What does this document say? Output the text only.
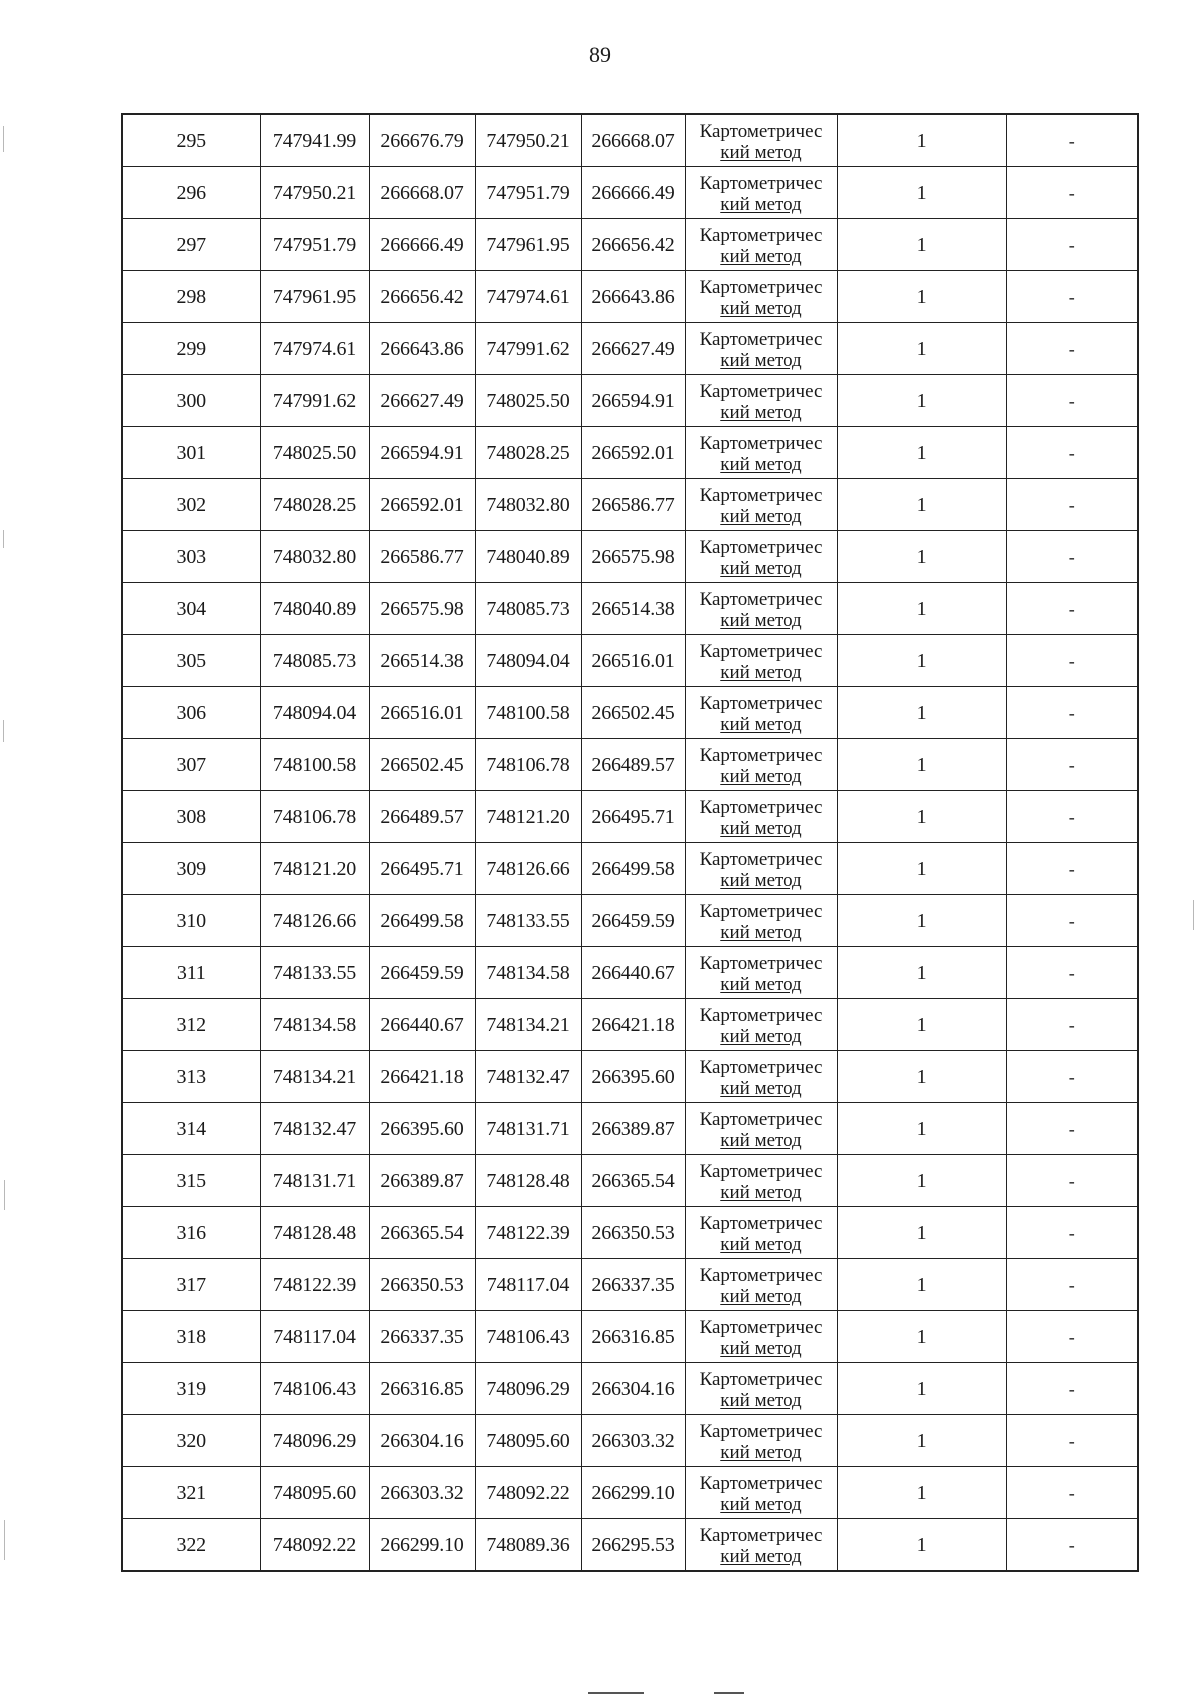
89
295	747941.99	266676.79	747950.21	266668.07	Картометричес
кий метод	1	-
296	747950.21	266668.07	747951.79	266666.49	Картометричес
кий метод	1	-
297	747951.79	266666.49	747961.95	266656.42	Картометричес
кий метод	1	-
298	747961.95	266656.42	747974.61	266643.86	Картометричес
кий метод	1	-
299	747974.61	266643.86	747991.62	266627.49	Картометричес
кий метод	1	-
300	747991.62	266627.49	748025.50	266594.91	Картометричес
кий метод	1	-
301	748025.50	266594.91	748028.25	266592.01	Картометричес
кий метод	1	-
302	748028.25	266592.01	748032.80	266586.77	Картометричес
кий метод	1	-
303	748032.80	266586.77	748040.89	266575.98	Картометричес
кий метод	1	-
304	748040.89	266575.98	748085.73	266514.38	Картометричес
кий метод	1	-
305	748085.73	266514.38	748094.04	266516.01	Картометричес
кий метод	1	-
306	748094.04	266516.01	748100.58	266502.45	Картометричес
кий метод	1	-
307	748100.58	266502.45	748106.78	266489.57	Картометричес
кий метод	1	-
308	748106.78	266489.57	748121.20	266495.71	Картометричес
кий метод	1	-
309	748121.20	266495.71	748126.66	266499.58	Картометричес
кий метод	1	-
310	748126.66	266499.58	748133.55	266459.59	Картометричес
кий метод	1	-
311	748133.55	266459.59	748134.58	266440.67	Картометричес
кий метод	1	-
312	748134.58	266440.67	748134.21	266421.18	Картометричес
кий метод	1	-
313	748134.21	266421.18	748132.47	266395.60	Картометричес
кий метод	1	-
314	748132.47	266395.60	748131.71	266389.87	Картометричес
кий метод	1	-
315	748131.71	266389.87	748128.48	266365.54	Картометричес
кий метод	1	-
316	748128.48	266365.54	748122.39	266350.53	Картометричес
кий метод	1	-
317	748122.39	266350.53	748117.04	266337.35	Картометричес
кий метод	1	-
318	748117.04	266337.35	748106.43	266316.85	Картометричес
кий метод	1	-
319	748106.43	266316.85	748096.29	266304.16	Картометричес
кий метод	1	-
320	748096.29	266304.16	748095.60	266303.32	Картометричес
кий метод	1	-
321	748095.60	266303.32	748092.22	266299.10	Картометричес
кий метод	1	-
322	748092.22	266299.10	748089.36	266295.53	Картометричес
кий метод	1	-
